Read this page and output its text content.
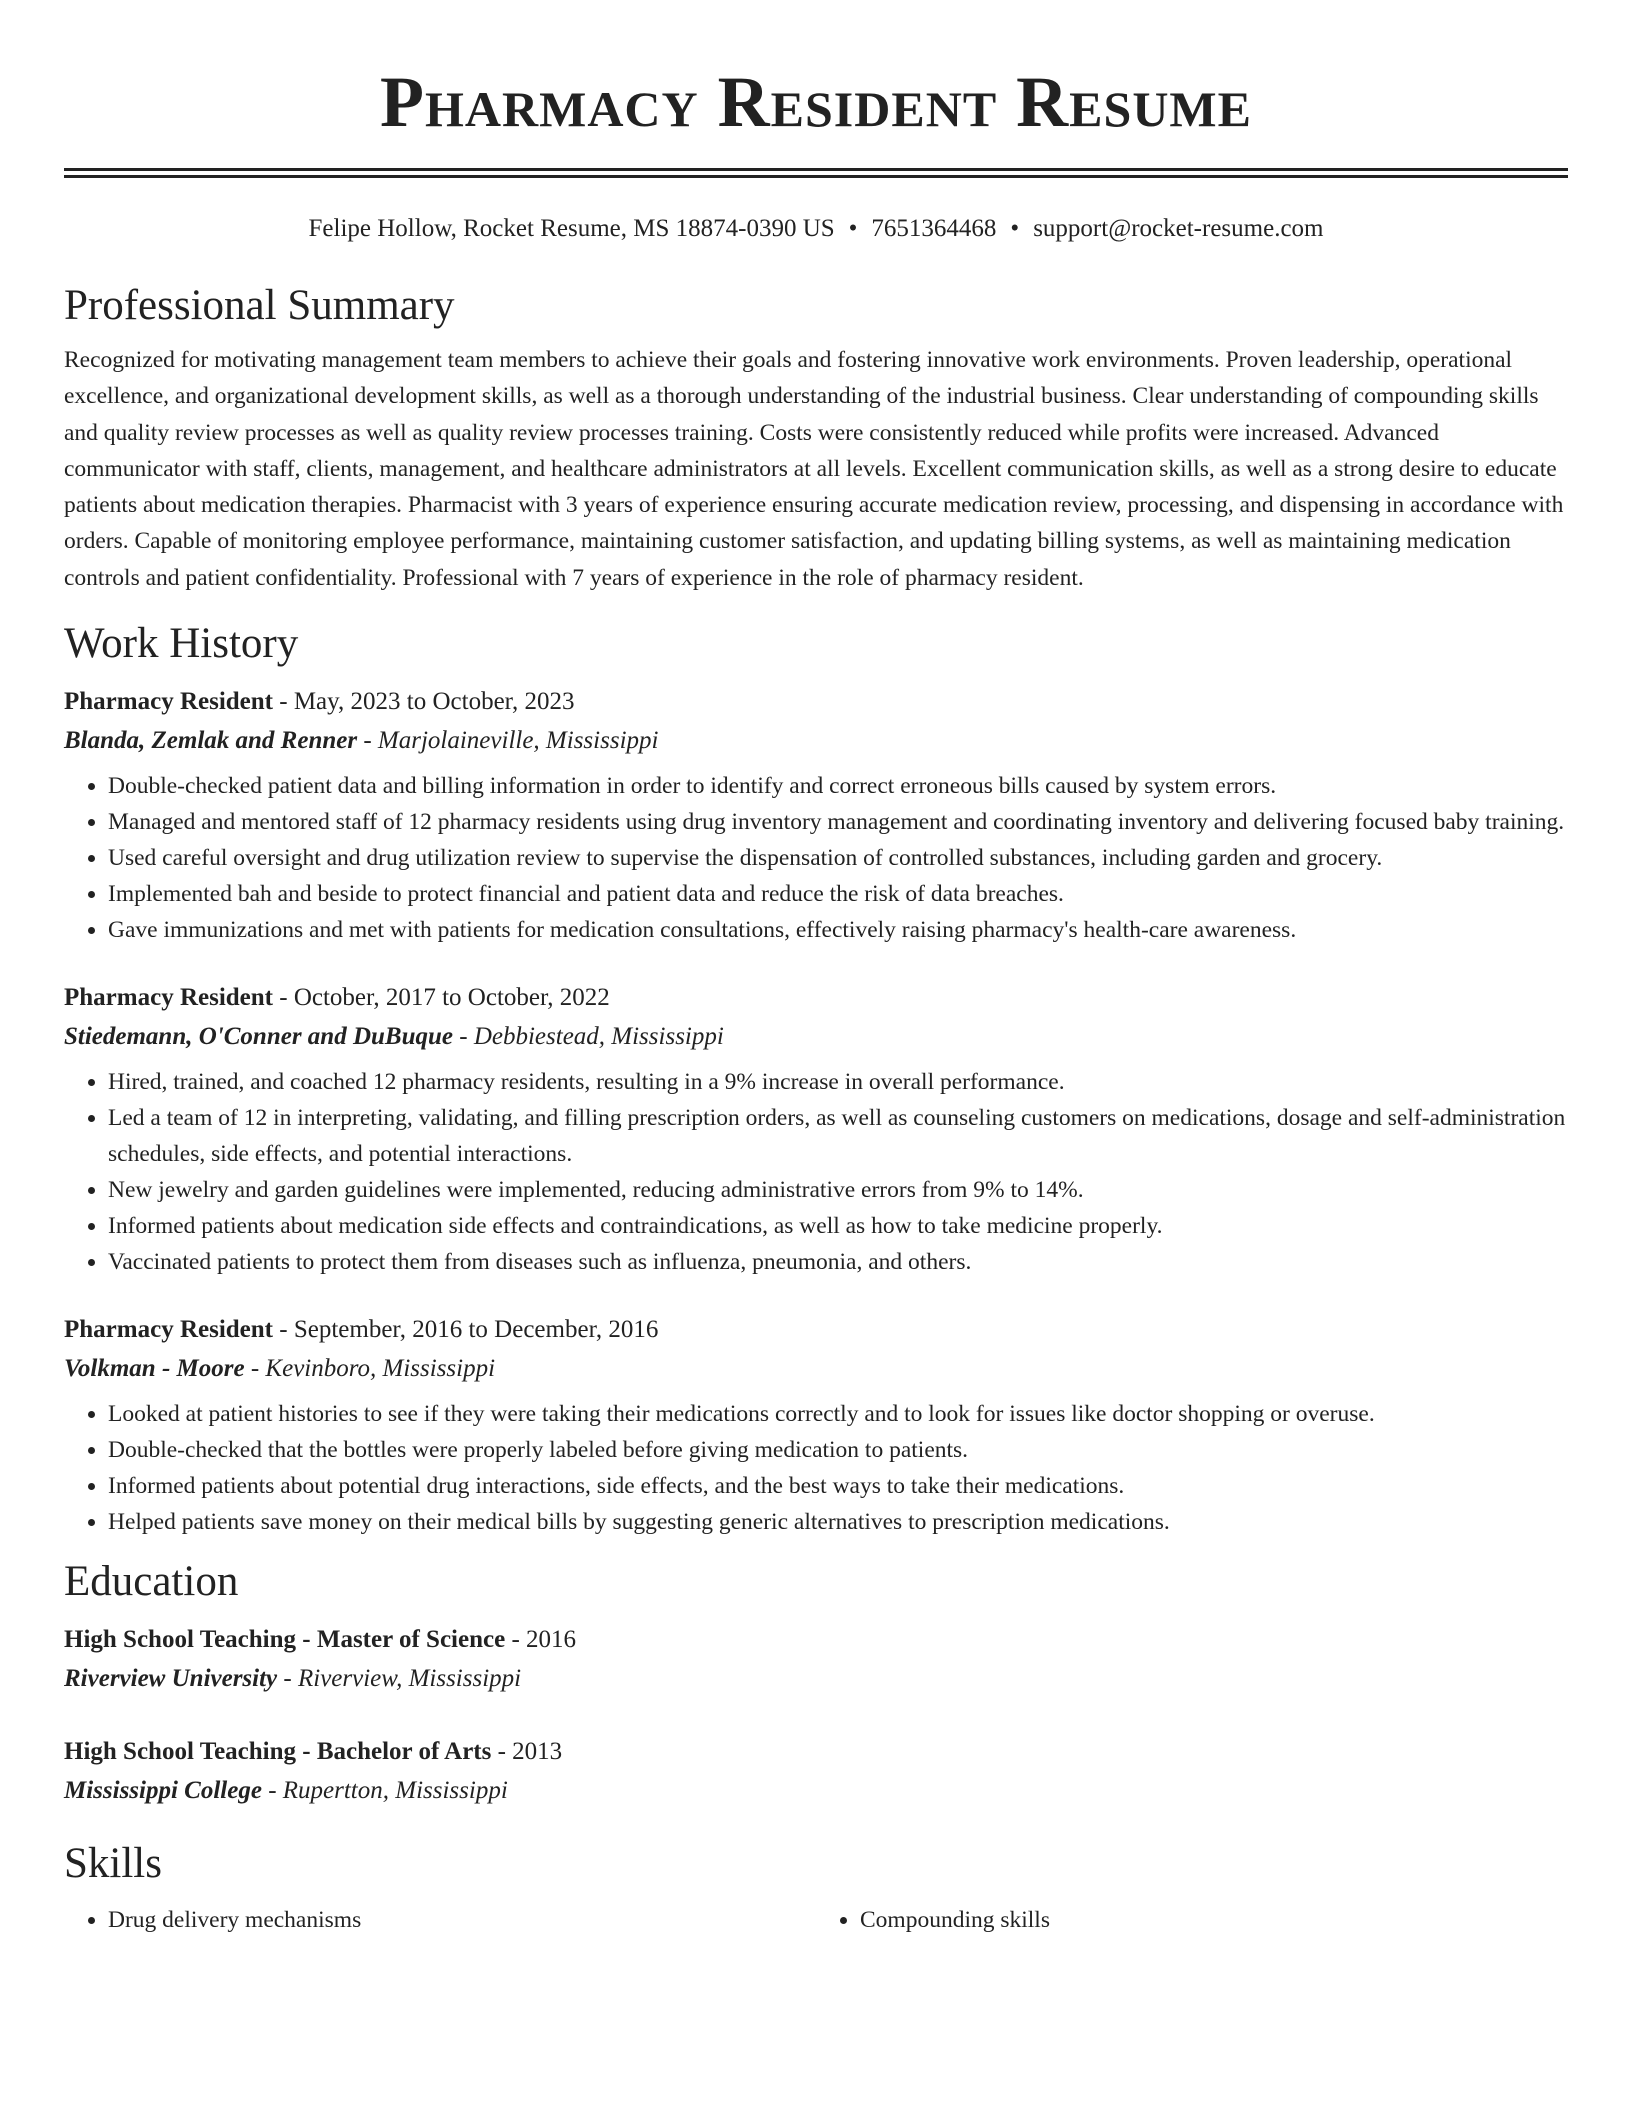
Pharmacy Resident Resume
Felipe Hollow, Rocket Resume, MS 18874-0390 US • 7651364468 • support@rocket-resume.com
Professional Summary
Recognized for motivating management team members to achieve their goals and fostering innovative work environments. Proven leadership, operational excellence, and organizational development skills, as well as a thorough understanding of the industrial business. Clear understanding of compounding skills and quality review processes as well as quality review processes training. Costs were consistently reduced while profits were increased. Advanced communicator with staff, clients, management, and healthcare administrators at all levels. Excellent communication skills, as well as a strong desire to educate patients about medication therapies. Pharmacist with 3 years of experience ensuring accurate medication review, processing, and dispensing in accordance with orders. Capable of monitoring employee performance, maintaining customer satisfaction, and updating billing systems, as well as maintaining medication controls and patient confidentiality. Professional with 7 years of experience in the role of pharmacy resident.
Work History
Pharmacy Resident - May, 2023 to October, 2023
Blanda, Zemlak and Renner - Marjolaineville, Mississippi
• Double-checked patient data and billing information in order to identify and correct erroneous bills caused by system errors.
• Managed and mentored staff of 12 pharmacy residents using drug inventory management and coordinating inventory and delivering focused baby training.
• Used careful oversight and drug utilization review to supervise the dispensation of controlled substances, including garden and grocery.
• Implemented bah and beside to protect financial and patient data and reduce the risk of data breaches.
• Gave immunizations and met with patients for medication consultations, effectively raising pharmacy's health-care awareness.
Pharmacy Resident - October, 2017 to October, 2022
Stiedemann, O'Conner and DuBuque - Debbiestead, Mississippi
• Hired, trained, and coached 12 pharmacy residents, resulting in a 9% increase in overall performance.
• Led a team of 12 in interpreting, validating, and filling prescription orders, as well as counseling customers on medications, dosage and self-administration schedules, side effects, and potential interactions.
• New jewelry and garden guidelines were implemented, reducing administrative errors from 9% to 14%.
• Informed patients about medication side effects and contraindications, as well as how to take medicine properly.
• Vaccinated patients to protect them from diseases such as influenza, pneumonia, and others.
Pharmacy Resident - September, 2016 to December, 2016
Volkman - Moore - Kevinboro, Mississippi
• Looked at patient histories to see if they were taking their medications correctly and to look for issues like doctor shopping or overuse.
• Double-checked that the bottles were properly labeled before giving medication to patients.
• Informed patients about potential drug interactions, side effects, and the best ways to take their medications.
• Helped patients save money on their medical bills by suggesting generic alternatives to prescription medications.
Education
High School Teaching - Master of Science - 2016
Riverview University - Riverview, Mississippi
High School Teaching - Bachelor of Arts - 2013
Mississippi College - Rupertton, Mississippi
Skills
• Drug delivery mechanisms
•	Compounding skills
